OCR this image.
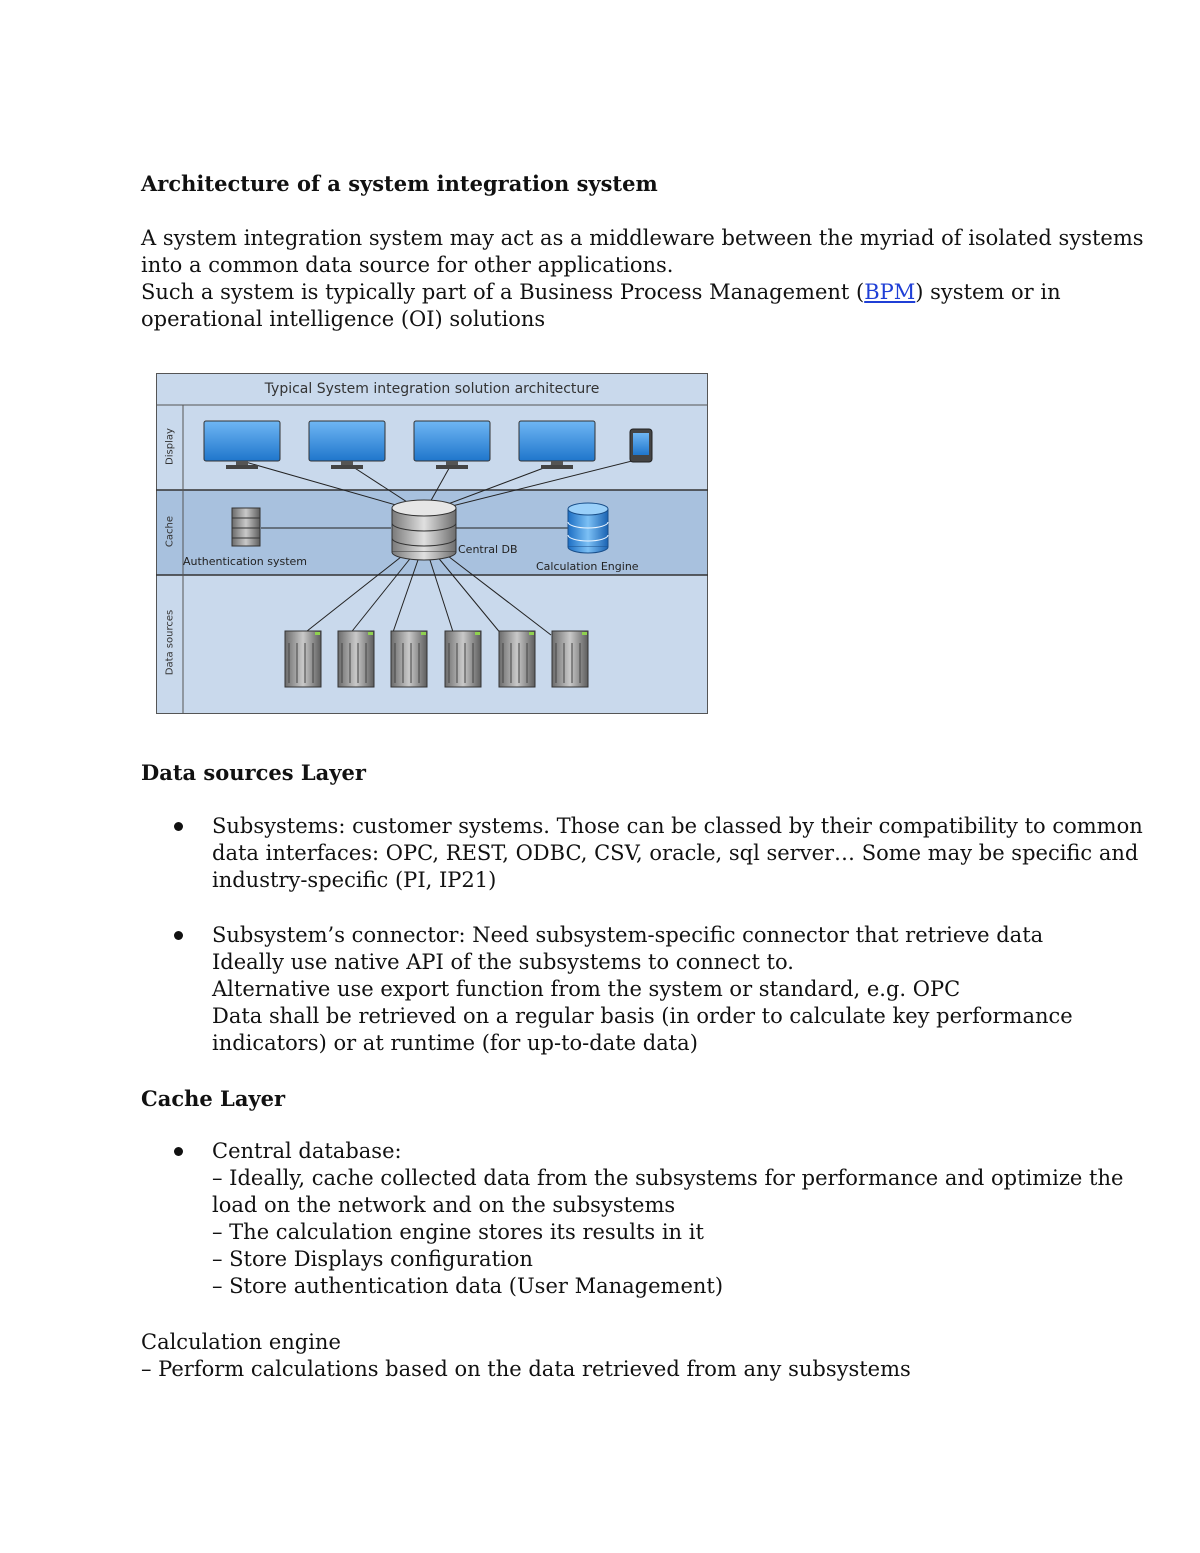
Architecture of a system integration system
A system integration system may act as a middleware between the myriad of isolated systems
into a common data source for other applications.
Such a system is typically part of a Business Process Management (BPM) system or in
operational intelligence (OI) solutions
Typical System integration solution architecture
Display
Cache
Data sources
Authentication system
Central DB
Calculation Engine
Data sources Layer
Subsystems: customer systems. Those can be classed by their compatibility to common
data interfaces: OPC, REST, ODBC, CSV, oracle, sql server… Some may be specific and
industry-specific (PI, IP21)
Subsystem’s connector: Need subsystem-specific connector that retrieve data
Ideally use native API of the subsystems to connect to.
Alternative use export function from the system or standard, e.g. OPC
Data shall be retrieved on a regular basis (in order to calculate key performance
indicators) or at runtime (for up-to-date data)
Cache Layer
Central database:
– Ideally, cache collected data from the subsystems for performance and optimize the
load on the network and on the subsystems
– The calculation engine stores its results in it
– Store Displays configuration
– Store authentication data (User Management)
Calculation engine
– Perform calculations based on the data retrieved from any subsystems
